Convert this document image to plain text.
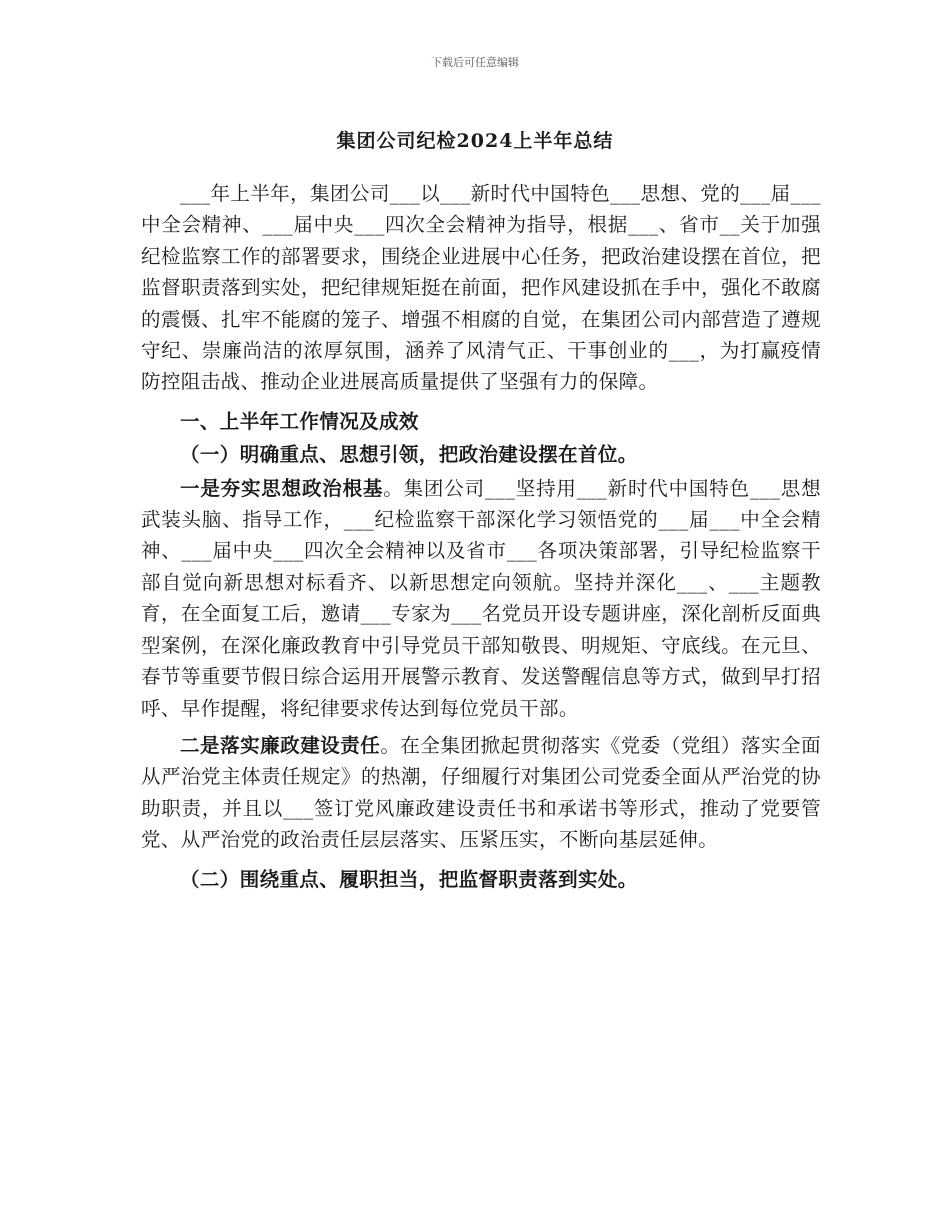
下载后可任意编辑
集团公司纪检2024上半年总结

___年上半年，集团公司___以___新时代中国特色___思想、党的___届___中全会精神、___届中央___四次全会精神为指导，根据___、省市__关于加强纪检监察工作的部署要求，围绕企业进展中心任务，把政治建设摆在首位，把监督职责落到实处，把纪律规矩挺在前面，把作风建设抓在手中，强化不敢腐的震慑、扎牢不能腐的笼子、增强不相腐的自觉，在集团公司内部营造了遵规守纪、崇廉尚洁的浓厚氛围，涵养了风清气正、干事创业的___，为打赢疫情防控阻击战、推动企业进展高质量提供了坚强有力的保障。

一、上半年工作情况及成效

（一）明确重点、思想引领，把政治建设摆在首位。

一是夯实思想政治根基。集团公司___坚持用___新时代中国特色___思想武装头脑、指导工作，___纪检监察干部深化学习领悟党的___届___中全会精神、___届中央___四次全会精神以及省市___各项决策部署，引导纪检监察干部自觉向新思想对标看齐、以新思想定向领航。坚持并深化___、___主题教育，在全面复工后，邀请___专家为___名党员开设专题讲座，深化剖析反面典型案例，在深化廉政教育中引导党员干部知敬畏、明规矩、守底线。在元旦、春节等重要节假日综合运用开展警示教育、发送警醒信息等方式，做到早打招呼、早作提醒，将纪律要求传达到每位党员干部。

二是落实廉政建设责任。在全集团掀起贯彻落实《党委（党组）落实全面从严治党主体责任规定》的热潮，仔细履行对集团公司党委全面从严治党的协助职责，并且以___签订党风廉政建设责任书和承诺书等形式，推动了党要管党、从严治党的政治责任层层落实、压紧压实，不断向基层延伸。

（二）围绕重点、履职担当，把监督职责落到实处。
